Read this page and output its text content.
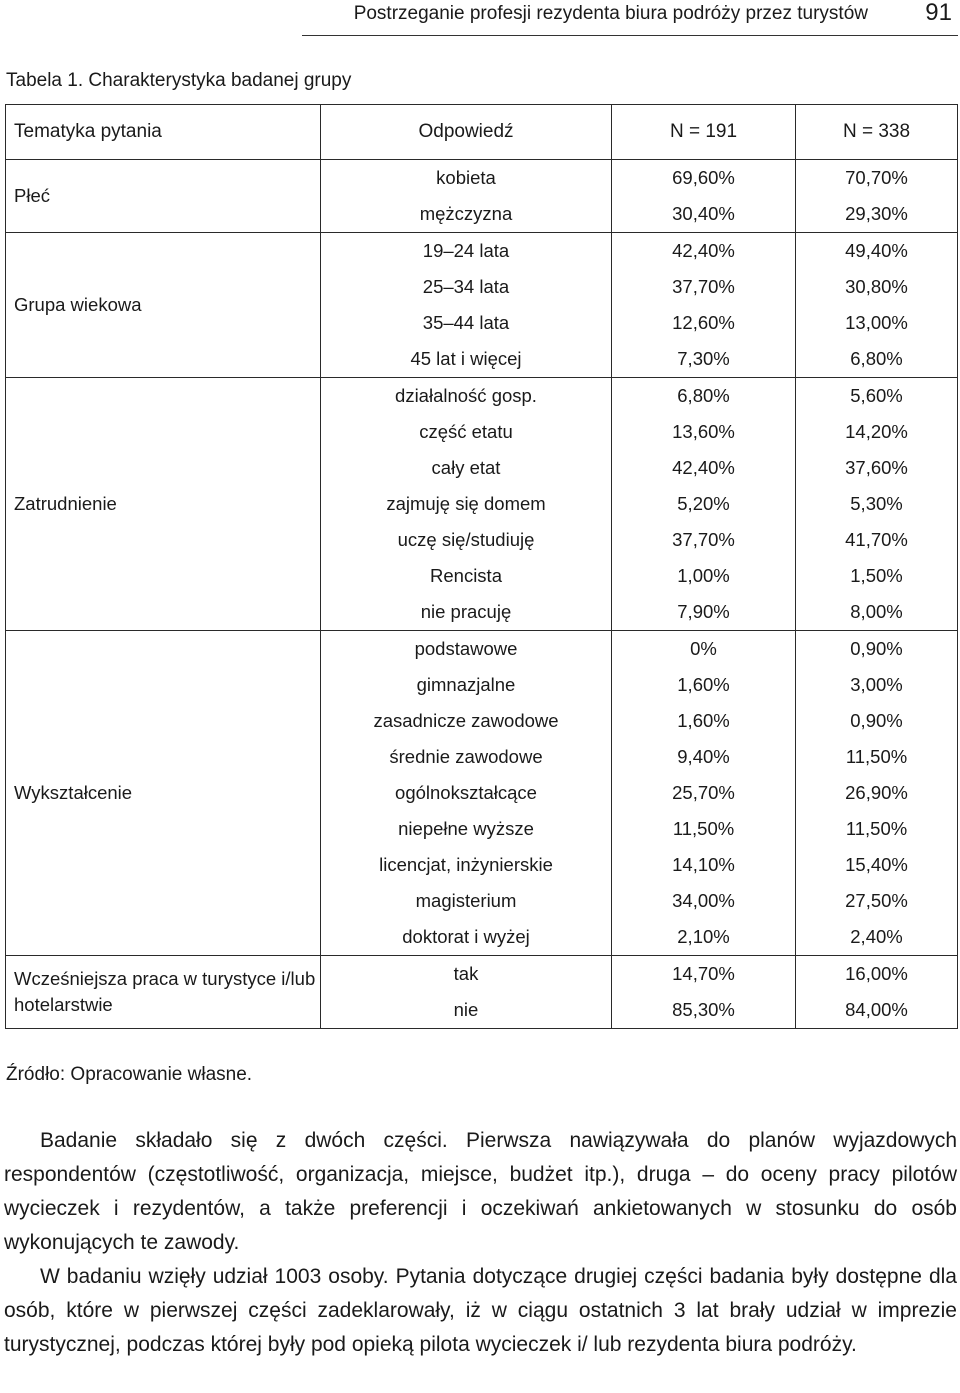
Postrzeganie profesji rezydenta biura podróży przez turystów 91
Tabela 1. Charakterystyka badanej grupy
Tematyka pytania	Odpowiedź	N = 191	N = 338
Płeć	kobieta	69,60%	70,70%
	mężczyzna	30,40%	29,30%
Grupa wiekowa	19–24 lata	42,40%	49,40%
	25–34 lata	37,70%	30,80%
	35–44 lata	12,60%	13,00%
	45 lat i więcej	7,30%	6,80%
Zatrudnienie	działalność gosp.	6,80%	5,60%
	część etatu	13,60%	14,20%
	cały etat	42,40%	37,60%
	zajmuję się domem	5,20%	5,30%
	uczę się/studiuję	37,70%	41,70%
	Rencista	1,00%	1,50%
	nie pracuję	7,90%	8,00%
Wykształcenie	podstawowe	0%	0,90%
	gimnazjalne	1,60%	3,00%
	zasadnicze zawodowe	1,60%	0,90%
	średnie zawodowe	9,40%	11,50%
	ogólnokształcące	25,70%	26,90%
	niepełne wyższe	11,50%	11,50%
	licencjat, inżynierskie	14,10%	15,40%
	magisterium	34,00%	27,50%
	doktorat i wyżej	2,10%	2,40%
Wcześniejsza praca w turystyce i/lub hotelarstwie	tak	14,70%	16,00%
	nie	85,30%	84,00%
Źródło: Opracowanie własne.

Badanie składało się z dwóch części. Pierwsza nawiązywała do planów wyjazdowych respondentów (częstotliwość, organizacja, miejsce, budżet itp.), druga – do oceny pracy pilotów wycieczek i rezydentów, a także preferencji i oczekiwań ankietowanych w stosunku do osób wykonujących te zawody.

W badaniu wzięły udział 1003 osoby. Pytania dotyczące drugiej części badania były dostępne dla osób, które w pierwszej części zadeklarowały, iż w ciągu ostatnich 3 lat brały udział w imprezie turystycznej, podczas której były pod opieką pilota wycieczek i/ lub rezydenta biura podróży.
